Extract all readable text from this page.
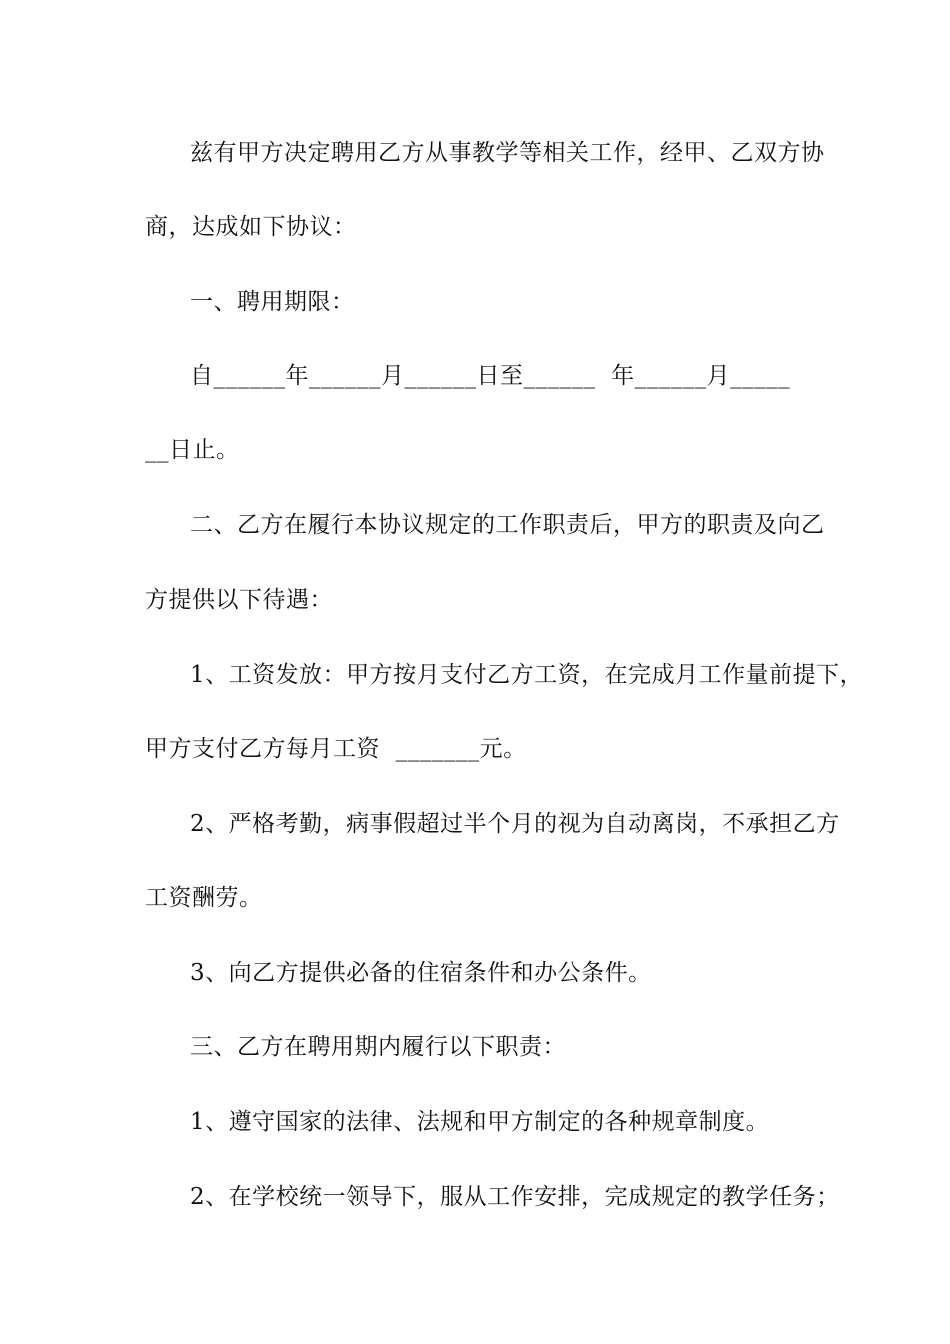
兹有甲方决定聘用乙方从事教学等相关工作，经甲、乙双方协
商，达成如下协议：
一、聘用期限：
自______年______月______日至______  年______月_____
__日止。
二、乙方在履行本协议规定的工作职责后，甲方的职责及向乙
方提供以下待遇：
1、工资发放：甲方按月支付乙方工资，在完成月工作量前提下，
甲方支付乙方每月工资  _______元。
2、严格考勤，病事假超过半个月的视为自动离岗，不承担乙方
工资酬劳。
3、向乙方提供必备的住宿条件和办公条件。
三、乙方在聘用期内履行以下职责：
1、遵守国家的法律、法规和甲方制定的各种规章制度。
2、在学校统一领导下，服从工作安排，完成规定的教学任务；
